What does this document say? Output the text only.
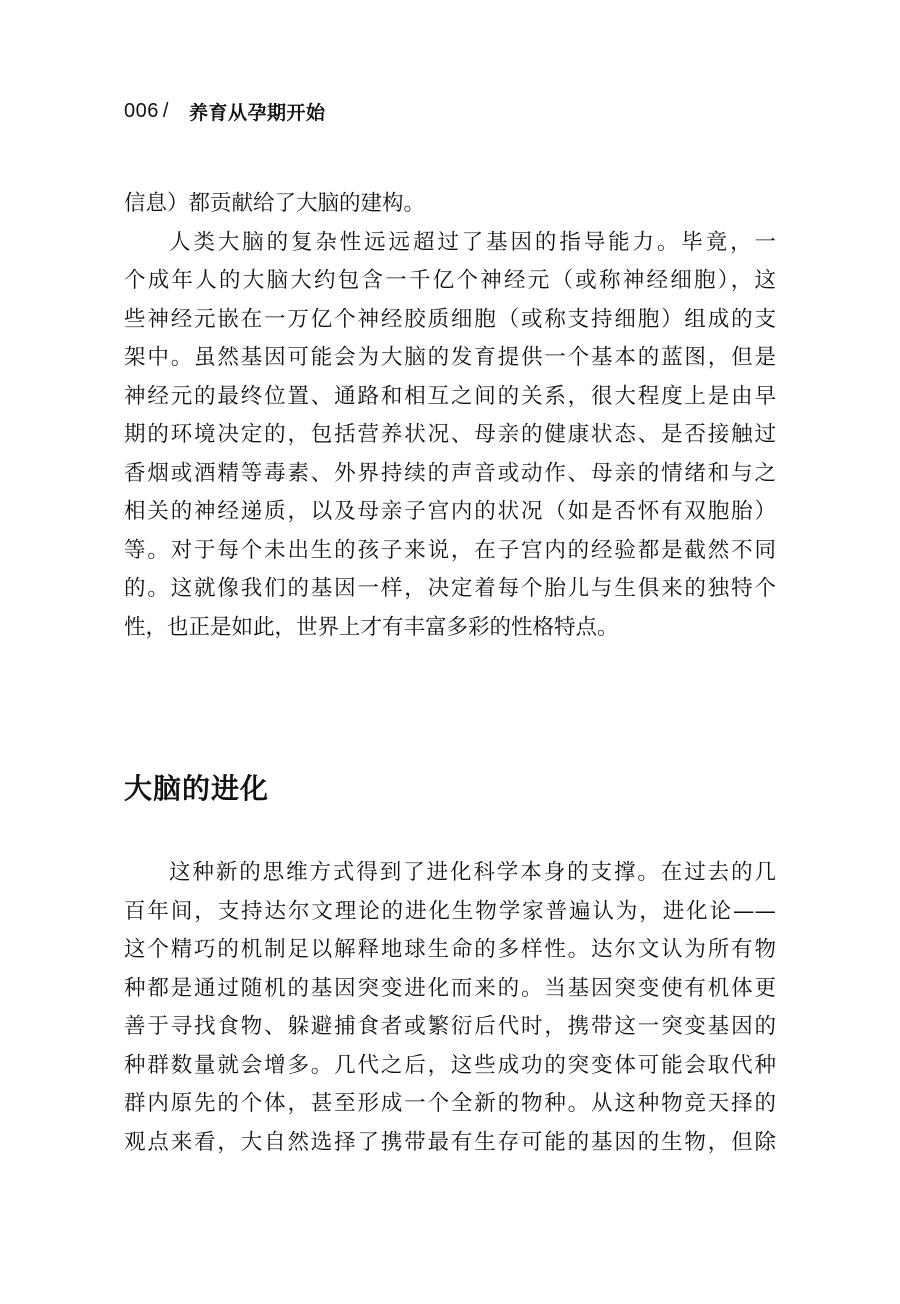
006 / 养育从孕期开始
信息）都贡献给了大脑的建构。
人类大脑的复杂性远远超过了基因的指导能力。毕竟，一
个成年人的大脑大约包含一千亿个神经元（或称神经细胞），这
些神经元嵌在一万亿个神经胶质细胞（或称支持细胞）组成的支
架中。虽然基因可能会为大脑的发育提供一个基本的蓝图，但是
神经元的最终位置、通路和相互之间的关系，很大程度上是由早
期的环境决定的，包括营养状况、母亲的健康状态、是否接触过
香烟或酒精等毒素、外界持续的声音或动作、母亲的情绪和与之
相关的神经递质，以及母亲子宫内的状况（如是否怀有双胞胎）
等。对于每个未出生的孩子来说，在子宫内的经验都是截然不同
的。这就像我们的基因一样，决定着每个胎儿与生俱来的独特个
性，也正是如此，世界上才有丰富多彩的性格特点。
大脑的进化
这种新的思维方式得到了进化科学本身的支撑。在过去的几
百年间，支持达尔文理论的进化生物学家普遍认为，进化论——
这个精巧的机制足以解释地球生命的多样性。达尔文认为所有物
种都是通过随机的基因突变进化而来的。当基因突变使有机体更
善于寻找食物、躲避捕食者或繁衍后代时，携带这一突变基因的
种群数量就会增多。几代之后，这些成功的突变体可能会取代种
群内原先的个体，甚至形成一个全新的物种。从这种物竞天择的
观点来看，大自然选择了携带最有生存可能的基因的生物，但除
